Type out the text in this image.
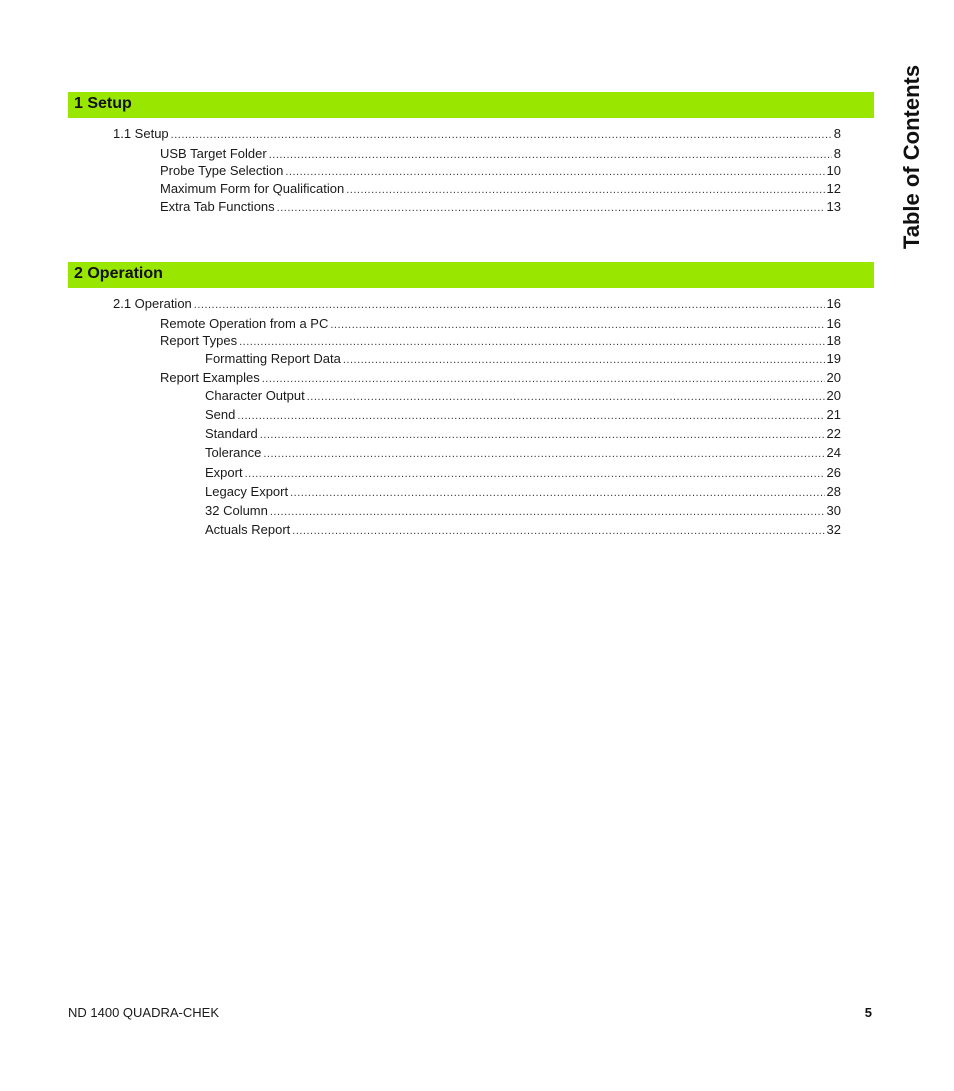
Table of Contents
1 Setup
1.1 Setup .....	8
USB Target Folder .....	8
Probe Type Selection .....	10
Maximum Form for Qualification .....	12
Extra Tab Functions .....	13
2 Operation
2.1 Operation .....	16
Remote Operation from a PC .....	16
Report Types .....	18
Formatting Report Data .....	19
Report Examples .....	20
Character Output .....	20
Send .....	21
Standard .....	22
Tolerance .....	24
Export .....	26
Legacy Export .....	28
32 Column .....	30
Actuals Report .....	32
ND 1400 QUADRA-CHEK	5
